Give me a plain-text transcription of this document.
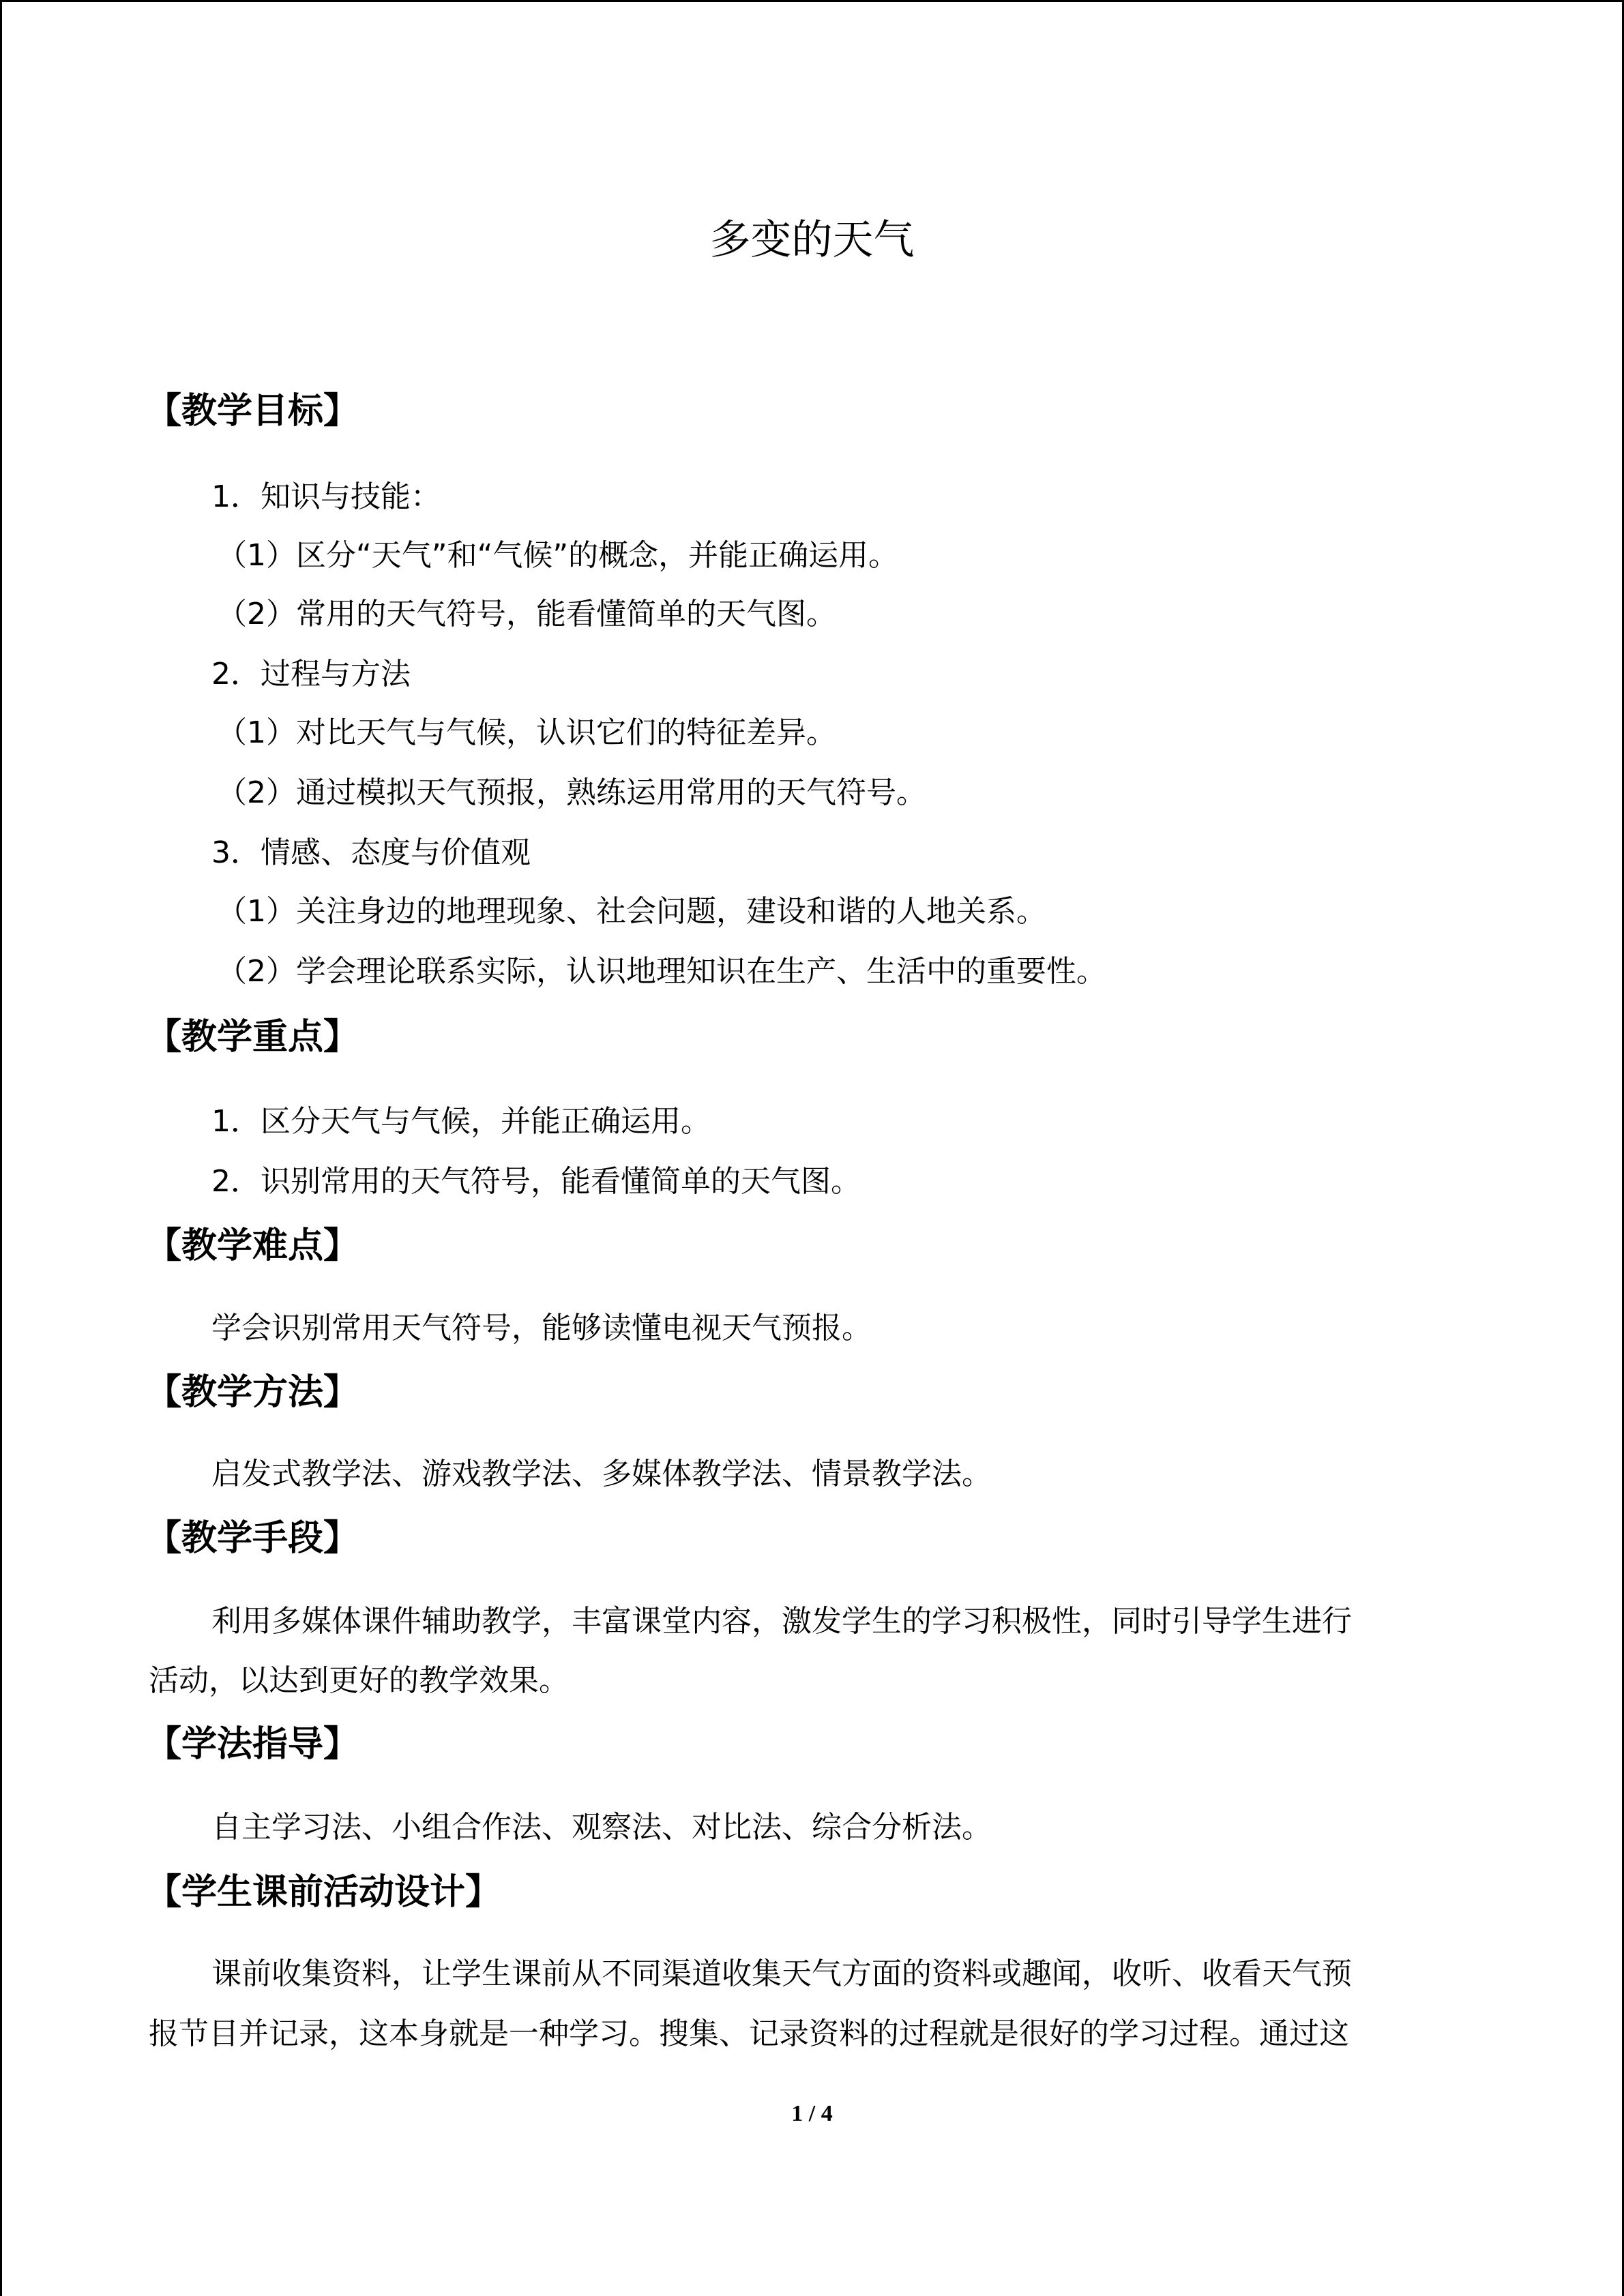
多变的天气
【教学目标】
1．知识与技能：
（1）区分“天气”和“气候”的概念，并能正确运用。
（2）常用的天气符号，能看懂简单的天气图。
2．过程与方法
（1）对比天气与气候，认识它们的特征差异。
（2）通过模拟天气预报，熟练运用常用的天气符号。
3．情感、态度与价值观
（1）关注身边的地理现象、社会问题，建设和谐的人地关系。
（2）学会理论联系实际，认识地理知识在生产、生活中的重要性。
【教学重点】
1．区分天气与气候，并能正确运用。
2．识别常用的天气符号，能看懂简单的天气图。
【教学难点】
学会识别常用天气符号，能够读懂电视天气预报。
【教学方法】
启发式教学法、游戏教学法、多媒体教学法、情景教学法。
【教学手段】
利用多媒体课件辅助教学，丰富课堂内容，激发学生的学习积极性，同时引导学生进行
活动，以达到更好的教学效果。
【学法指导】
自主学习法、小组合作法、观察法、对比法、综合分析法。
【学生课前活动设计】
课前收集资料，让学生课前从不同渠道收集天气方面的资料或趣闻，收听、收看天气预
报节目并记录，这本身就是一种学习。搜集、记录资料的过程就是很好的学习过程。通过这
1 / 4
